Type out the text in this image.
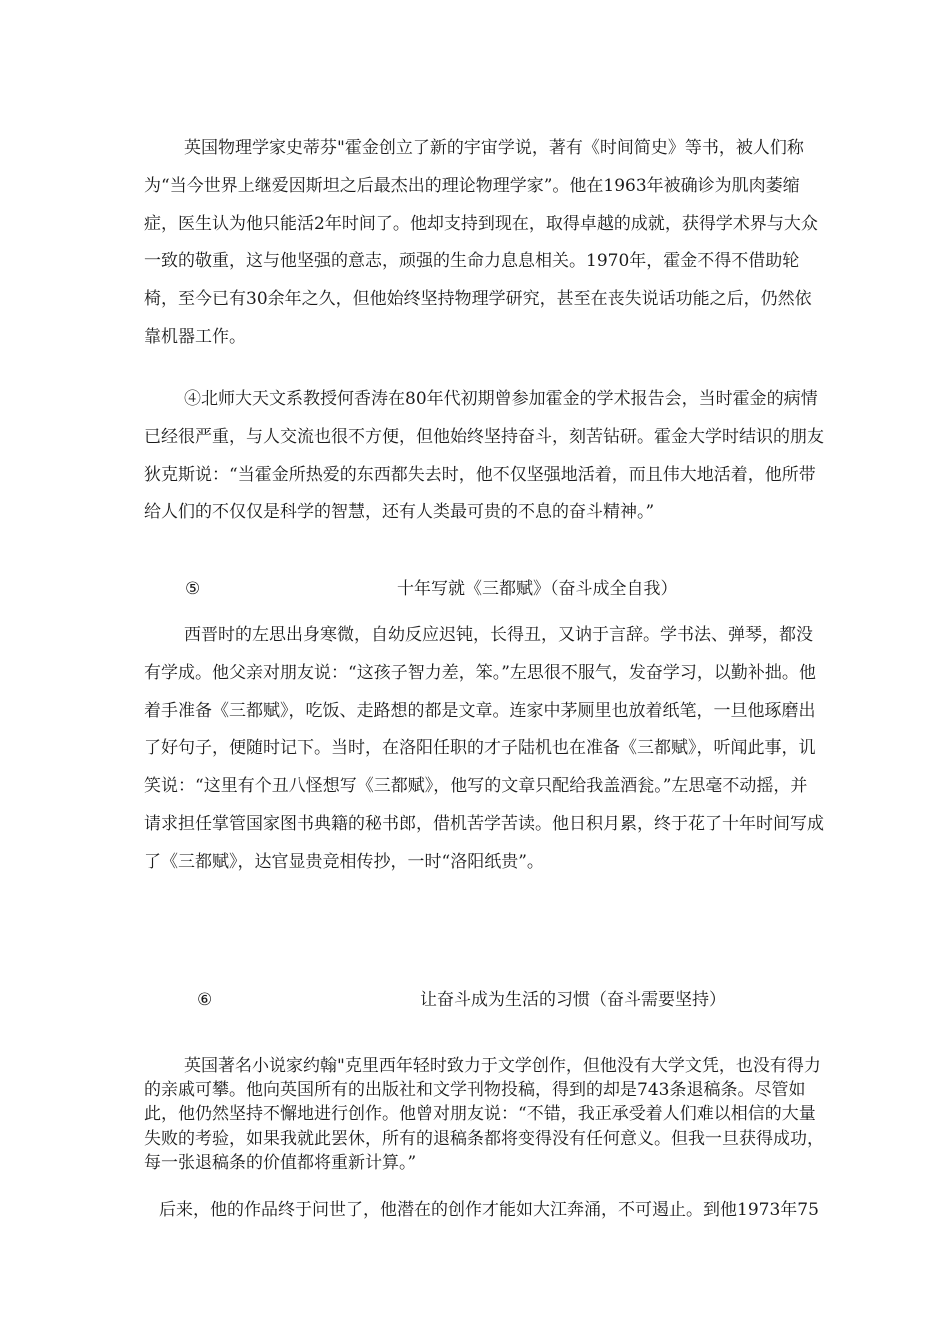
英国物理学家史蒂芬"霍金创立了新的宇宙学说，著有《时间简史》等书，被人们称为“当今世界上继爱因斯坦之后最杰出的理论物理学家”。他在1963年被确诊为肌肉萎缩症，医生认为他只能活2年时间了。他却支持到现在，取得卓越的成就，获得学术界与大众一致的敬重，这与他坚强的意志，顽强的生命力息息相关。1970年，霍金不得不借助轮椅，至今已有30余年之久，但他始终坚持物理学研究，甚至在丧失说话功能之后，仍然依靠机器工作。

④北师大天文系教授何香涛在80年代初期曾参加霍金的学术报告会，当时霍金的病情已经很严重，与人交流也很不方便，但他始终坚持奋斗，刻苦钻研。霍金大学时结识的朋友狄克斯说：“当霍金所热爱的东西都失去时，他不仅坚强地活着，而且伟大地活着，他所带给人们的不仅仅是科学的智慧，还有人类最可贵的不息的奋斗精神。”

⑤	十年写就《三都赋》（奋斗成全自我）

西晋时的左思出身寒微，自幼反应迟钝，长得丑，又讷于言辞。学书法、弹琴，都没有学成。他父亲对朋友说：“这孩子智力差，笨。”左思很不服气，发奋学习，以勤补拙。他着手准备《三都赋》，吃饭、走路想的都是文章。连家中茅厕里也放着纸笔，一旦他琢磨出了好句子，便随时记下。当时，在洛阳任职的才子陆机也在准备《三都赋》，听闻此事，讥笑说：“这里有个丑八怪想写《三都赋》，他写的文章只配给我盖酒瓮。”左思毫不动摇，并请求担任掌管国家图书典籍的秘书郎，借机苦学苦读。他日积月累，终于花了十年时间写成了《三都赋》，达官显贵竞相传抄，一时“洛阳纸贵”。

⑥	让奋斗成为生活的习惯（奋斗需要坚持）

英国著名小说家约翰"克里西年轻时致力于文学创作，但他没有大学文凭，也没有得力的亲戚可攀。他向英国所有的出版社和文学刊物投稿，得到的却是743条退稿条。尽管如此，他仍然坚持不懈地进行创作。他曾对朋友说：“不错，我正承受着人们难以相信的大量失败的考验，如果我就此罢休，所有的退稿条都将变得没有任何意义。但我一旦获得成功，每一张退稿条的价值都将重新计算。”

后来，他的作品终于问世了，他潜在的创作才能如大江奔涌，不可遏止。到他1973年75
